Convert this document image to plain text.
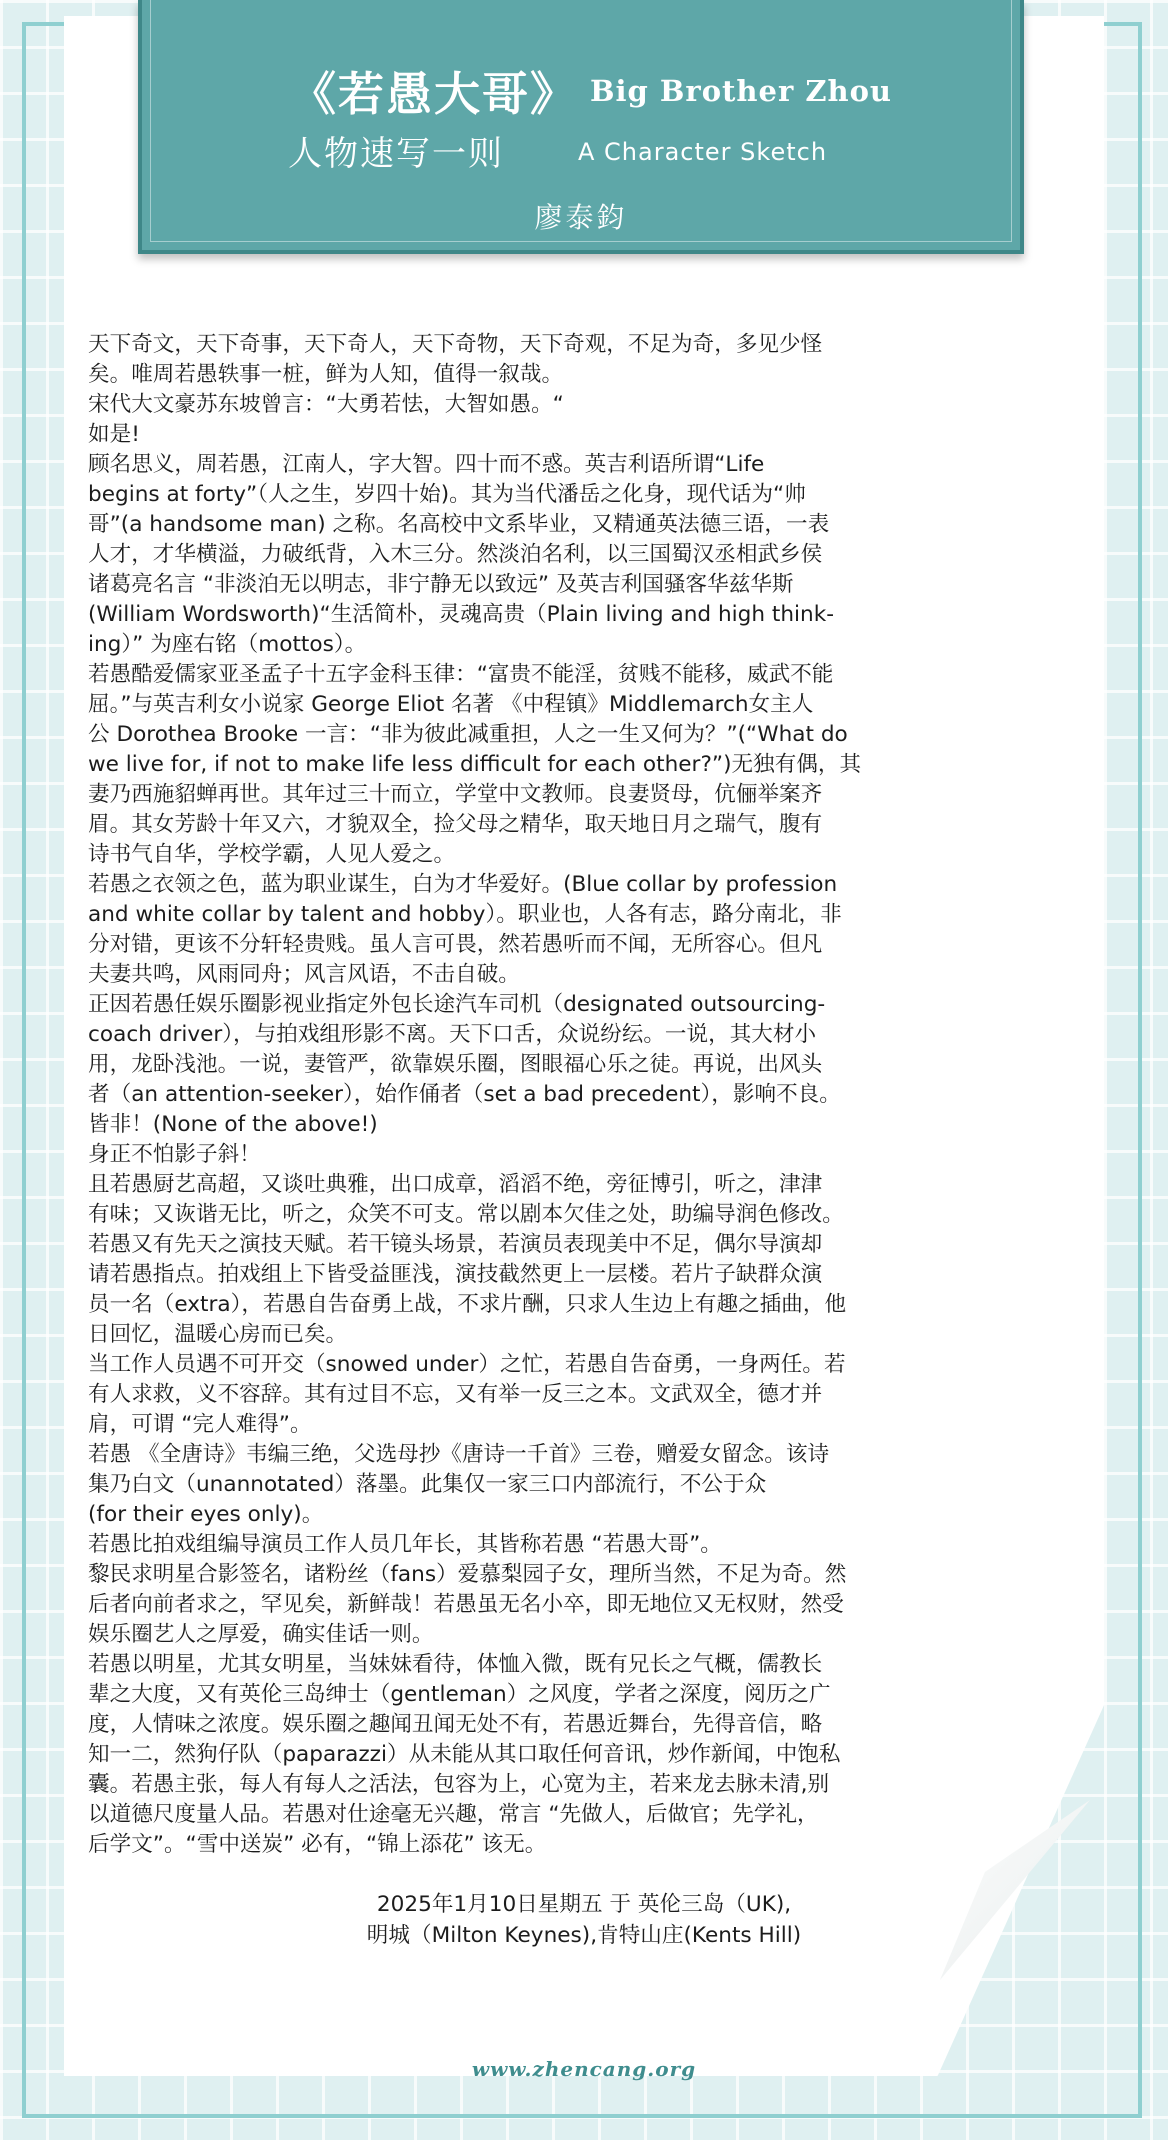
《若愚大哥》 Big Brother Zhou
人物速写一则	A Character Sketch
廖泰鈞
天下奇文，天下奇事，天下奇人，天下奇物，天下奇观，不足为奇，多见少怪
矣。唯周若愚轶事一桩，鲜为人知，值得一叙哉。
宋代大文豪苏东坡曾言：“大勇若怯，大智如愚。“
如是!
顾名思义，周若愚，江南人，字大智。四十而不惑。英吉利语所谓“Life
begins at forty”（人之生，岁四十始)。其为当代潘岳之化身，现代话为“帅
哥”(a handsome man) 之称。名高校中文系毕业，又精通英法德三语，一表
人才，才华横溢，力破纸背，入木三分。然淡泊名利，以三国蜀汉丞相武乡侯
诸葛亮名言 “非淡泊无以明志，非宁静无以致远” 及英吉利国骚客华兹华斯
(William Wordsworth)“生活简朴，灵魂高贵（Plain living and high think-
ing）” 为座右铭（mottos）。
若愚酷爱儒家亚圣孟子十五字金科玉律：“富贵不能淫，贫贱不能移，威武不能
屈。”与英吉利女小说家 George Eliot 名著 《中程镇》Middlemarch女主人
公 Dorothea Brooke 一言：“非为彼此减重担，人之一生又何为？”(“What do
we live for, if not to make life less difficult for each other?”)无独有偶，其
妻乃西施貂蝉再世。其年过三十而立，学堂中文教师。良妻贤母，伉俪举案齐
眉。其女芳龄十年又六，才貌双全，捡父母之精华，取天地日月之瑞气，腹有
诗书气自华，学校学霸，人见人爱之。
若愚之衣领之色，蓝为职业谋生，白为才华爱好。(Blue collar by profession
and white collar by talent and hobby）。职业也，人各有志，路分南北，非
分对错，更该不分轩轻贵贱。虽人言可畏，然若愚听而不闻，无所容心。但凡
夫妻共鸣，风雨同舟；风言风语，不击自破。
正因若愚任娱乐圈影视业指定外包长途汽车司机（designated outsourcing-
coach driver），与拍戏组形影不离。天下口舌，众说纷纭。一说，其大材小
用，龙卧浅池。一说，妻管严，欲靠娱乐圈，图眼福心乐之徒。再说，出风头
者（an attention-seeker），始作俑者（set a bad precedent），影响不良。
皆非！(None of the above!)
身正不怕影子斜！
且若愚厨艺高超，又谈吐典雅，出口成章，滔滔不绝，旁征博引，听之，津津
有味；又诙谐无比，听之，众笑不可支。常以剧本欠佳之处，助编导润色修改。
若愚又有先天之演技天赋。若干镜头场景，若演员表现美中不足，偶尔导演却
请若愚指点。拍戏组上下皆受益匪浅，演技截然更上一层楼。若片子缺群众演
员一名（extra），若愚自告奋勇上战，不求片酬，只求人生边上有趣之插曲，他
日回忆，温暖心房而已矣。
当工作人员遇不可开交（snowed under）之忙，若愚自告奋勇，一身两任。若
有人求救，义不容辞。其有过目不忘，又有举一反三之本。文武双全，德才并
肩，可谓 “完人难得”。
若愚 《全唐诗》韦编三绝，父选母抄《唐诗一千首》三卷，赠爱女留念。该诗
集乃白文（unannotated）落墨。此集仅一家三口内部流行，不公于众
(for their eyes only)。
若愚比拍戏组编导演员工作人员几年长，其皆称若愚 “若愚大哥”。
黎民求明星合影签名，诸粉丝（fans）爱慕梨园子女，理所当然，不足为奇。然
后者向前者求之，罕见矣，新鲜哉！若愚虽无名小卒，即无地位又无权财，然受
娱乐圈艺人之厚爱，确实佳话一则。
若愚以明星，尤其女明星，当妹妹看待，体恤入微，既有兄长之气概，儒教长
辈之大度，又有英伦三岛绅士（gentleman）之风度，学者之深度，阅历之广
度，人情味之浓度。娱乐圈之趣闻丑闻无处不有，若愚近舞台，先得音信，略
知一二，然狗仔队（paparazzi）从未能从其口取任何音讯，炒作新闻，中饱私
囊。若愚主张，每人有每人之活法，包容为上，心宽为主，若来龙去脉未清,别
以道德尺度量人品。若愚对仕途毫无兴趣，常言 “先做人，后做官；先学礼，
后学文”。“雪中送炭” 必有，“锦上添花” 该无。
2025年1月10日星期五 于 英伦三岛（UK),
明城（Milton Keynes),肯特山庄(Kents Hill)
www.zhencang.org
